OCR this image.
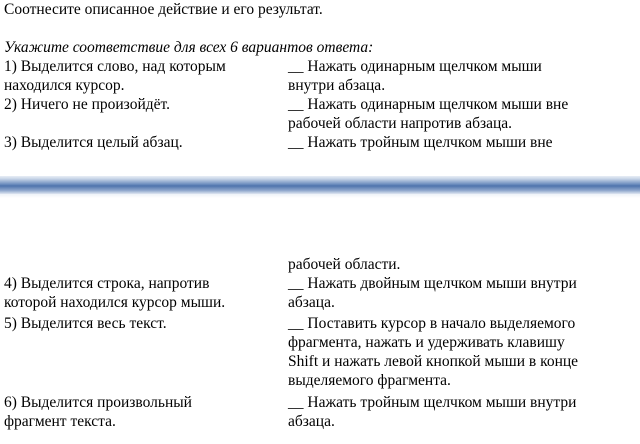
Соотнесите описанное действие и его результат.
Укажите соответствие для всех 6 вариантов ответа:
1) Выделится слово, над которым
находился курсор.
2) Ничего не произойдёт.
3) Выделится целый абзац.
__ Нажать одинарным щелчком мыши
внутри абзаца.
__ Нажать одинарным щелчком мыши вне
рабочей области напротив абзаца.
__ Нажать тройным щелчком мыши вне
рабочей области.
4) Выделится строка, напротив
которой находился курсор мыши.
5) Выделится весь текст.
6) Выделится произвольный
фрагмент текста.
__ Нажать двойным щелчком мыши внутри
абзаца.
__ Поставить курсор в начало выделяемого
фрагмента, нажать и удерживать клавишу
Shift и нажать левой кнопкой мыши в конце
выделяемого фрагмента.
__ Нажать тройным щелчком мыши внутри
абзаца.
